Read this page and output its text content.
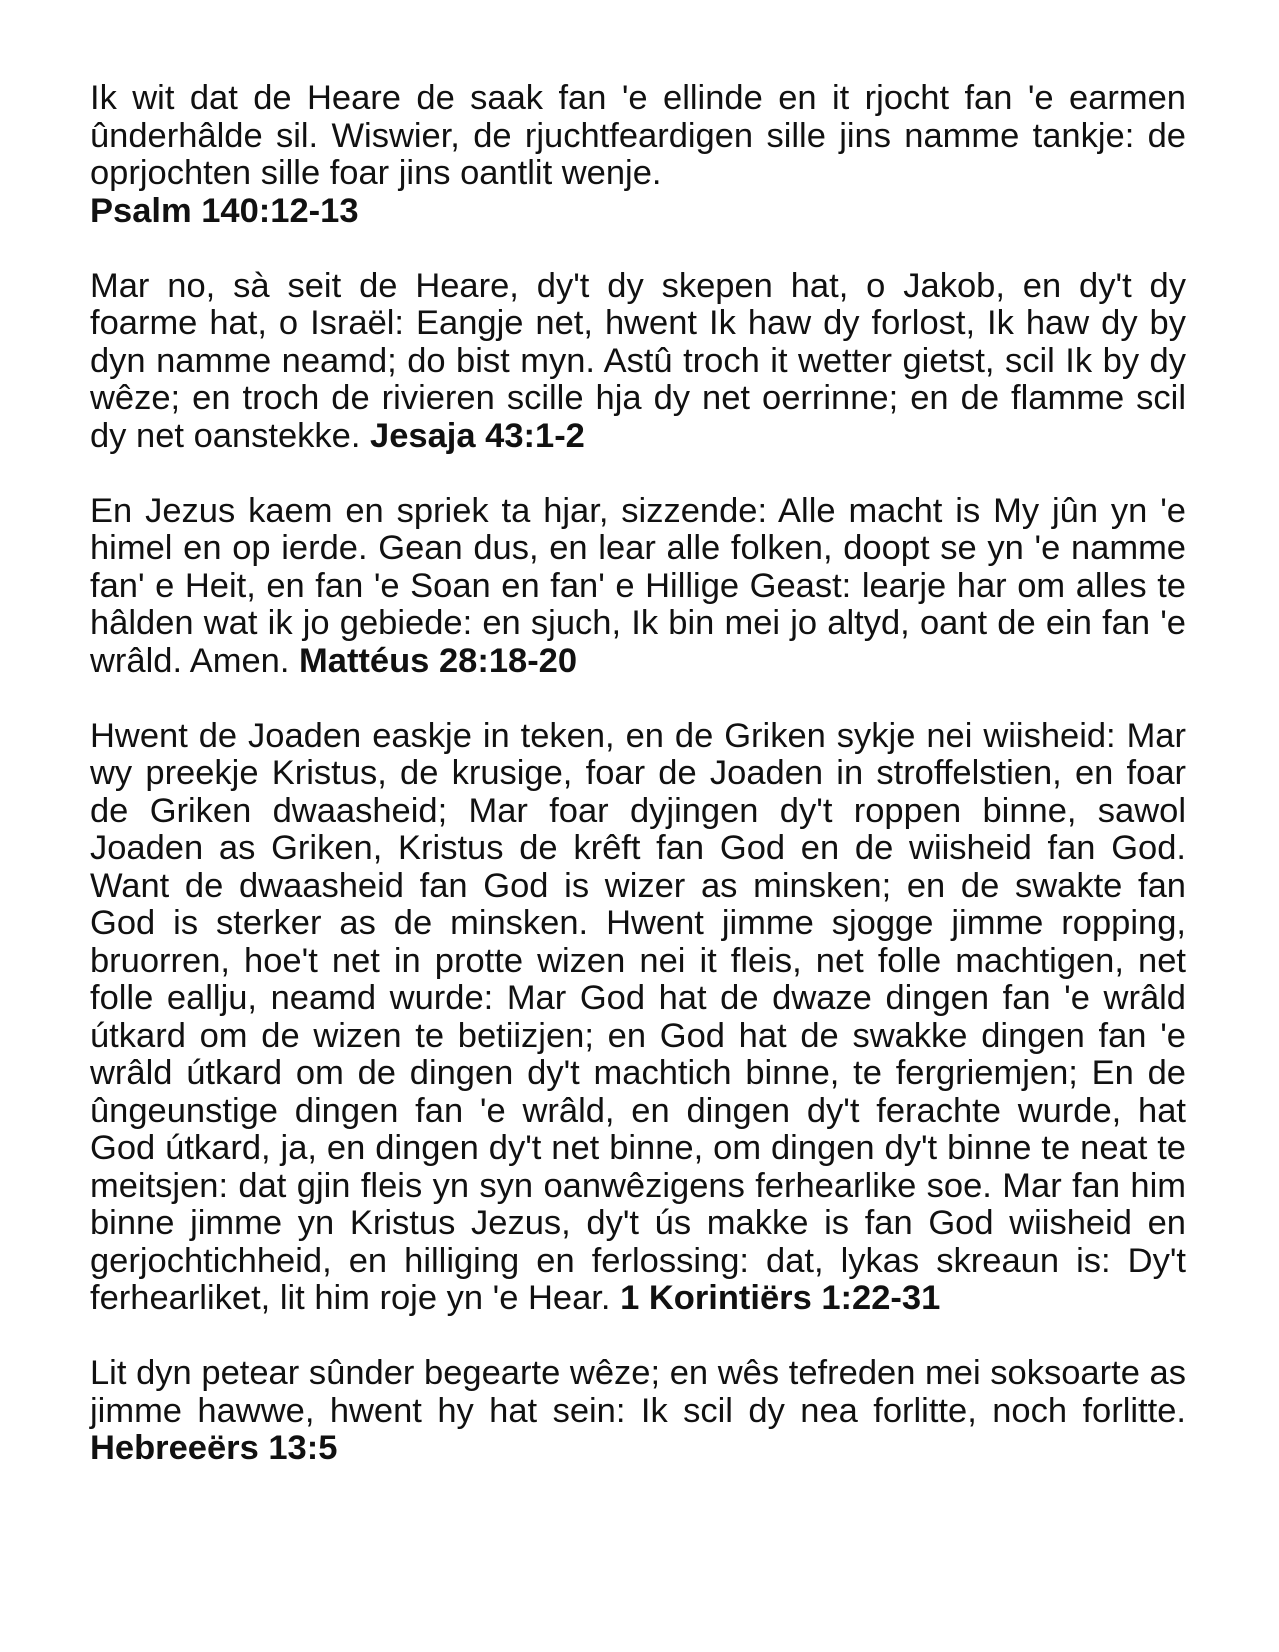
Ik wit dat de Heare de saak fan 'e ellinde en it rjocht fan 'e earmen ûnderhâlde sil. Wiswier, de rjuchtfeardigen sille jins namme tankje: de oprjochten sille foar jins oantlit wenje.
Psalm 140:12-13

Mar no, sà seit de Heare, dy't dy skepen hat, o Jakob, en dy't dy foarme hat, o Israël: Eangje net, hwent Ik haw dy forlost, Ik haw dy by dyn namme neamd; do bist myn. Astû troch it wetter gietst, scil Ik by dy wêze; en troch de rivieren scille hja dy net oerrinne; en de flamme scil dy net oanstekke. Jesaja 43:1-2

En Jezus kaem en spriek ta hjar, sizzende: Alle macht is My jûn yn 'e himel en op ierde. Gean dus, en lear alle folken, doopt se yn 'e namme fan' e Heit, en fan 'e Soan en fan' e Hillige Geast: learje har om alles te hâlden wat ik jo gebiede: en sjuch, Ik bin mei jo altyd, oant de ein fan 'e wrâld. Amen. Mattéus 28:18-20

Hwent de Joaden easkje in teken, en de Griken sykje nei wiisheid: Mar wy preekje Kristus, de krusige, foar de Joaden in stroffelstien, en foar de Griken dwaasheid; Mar foar dyjingen dy't roppen binne, sawol Joaden as Griken, Kristus de krêft fan God en de wiisheid fan God. Want de dwaasheid fan God is wizer as minsken; en de swakte fan God is sterker as de minsken. Hwent jimme sjogge jimme ropping, bruorren, hoe't net in protte wizen nei it fleis, net folle machtigen, net folle eallju, neamd wurde: Mar God hat de dwaze dingen fan 'e wrâld útkard om de wizen te betiizjen; en God hat de swakke dingen fan 'e wrâld útkard om de dingen dy't machtich binne, te fergriemjen; En de ûngeunstige dingen fan 'e wrâld, en dingen dy't ferachte wurde, hat God útkard, ja, en dingen dy't net binne, om dingen dy't binne te neat te meitsjen: dat gjin fleis yn syn oanwêzigens ferhearlike soe. Mar fan him binne jimme yn Kristus Jezus, dy't ús makke is fan God wiisheid en gerjochtichheid, en hilliging en ferlossing: dat, lykas skreaun is: Dy't ferhearliket, lit him roje yn 'e Hear. 1 Korintiërs 1:22-31

Lit dyn petear sûnder begearte wêze; en wês tefreden mei soksoarte as jimme hawwe, hwent hy hat sein: Ik scil dy nea forlitte, noch forlitte. Hebreeërs 13:5
